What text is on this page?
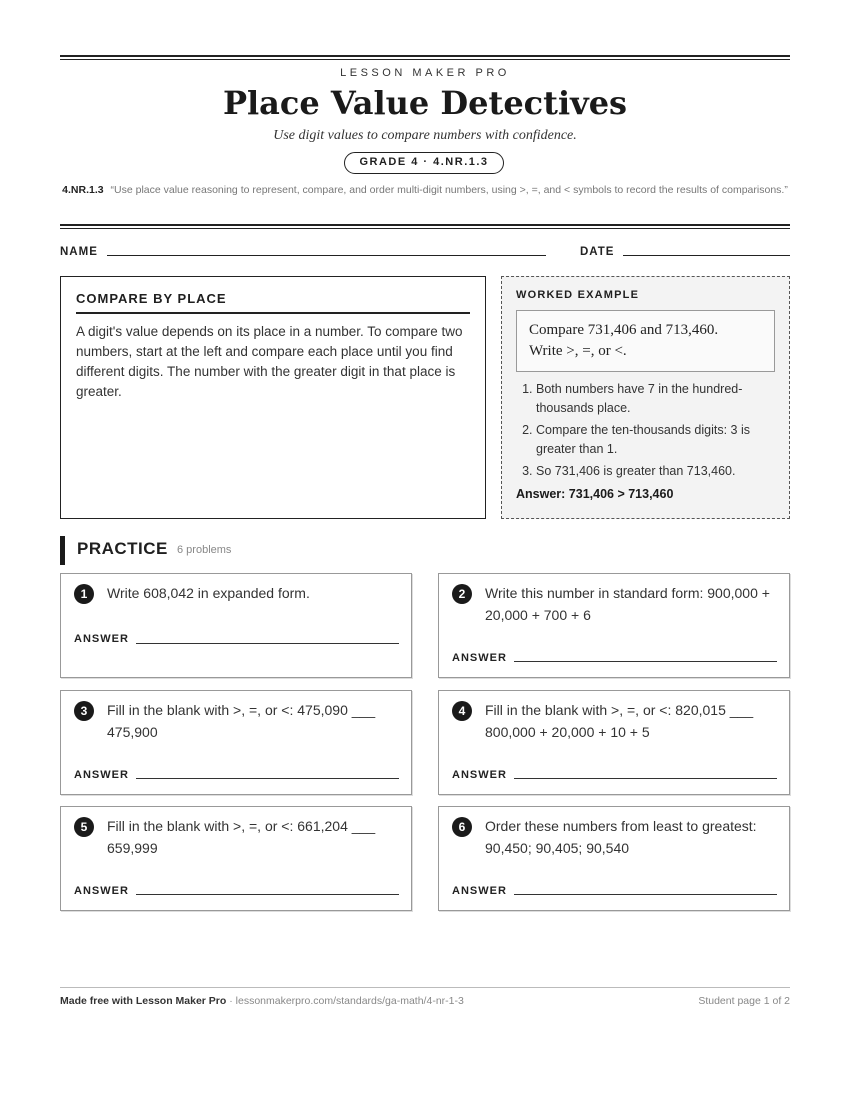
LESSON MAKER PRO
Place Value Detectives
Use digit values to compare numbers with confidence.
GRADE 4 · 4.NR.1.3
4.NR.1.3 “Use place value reasoning to represent, compare, and order multi-digit numbers, using >, =, and < symbols to record the results of comparisons.”
NAME	DATE
COMPARE BY PLACE

A digit's value depends on its place in a number. To compare two numbers, start at the left and compare each place until you find different digits. The number with the greater digit in that place is greater.

WORKED EXAMPLE
Compare 731,406 and 713,460.
Write >, =, or <.
1. Both numbers have 7 in the hundred-thousands place.
2. Compare the ten-thousands digits: 3 is greater than 1.
3. So 731,406 is greater than 713,460.
Answer: 731,406 > 713,460
PRACTICE 6 problems
1	Write 608,042 in expanded form.
ANSWER
2	Write this number in standard form: 900,000 + 20,000 + 700 + 6
ANSWER
3	Fill in the blank with >, =, or <: 475,090 ___ 475,900
ANSWER
4	Fill in the blank with >, =, or <: 820,015 ___ 800,000 + 20,000 + 10 + 5
ANSWER
5	Fill in the blank with >, =, or <: 661,204 ___ 659,999
ANSWER
6	Order these numbers from least to greatest: 90,450; 90,405; 90,540
ANSWER
Made free with Lesson Maker Pro · lessonmakerpro.com/standards/ga-math/4-nr-1-3	Student page 1 of 2
